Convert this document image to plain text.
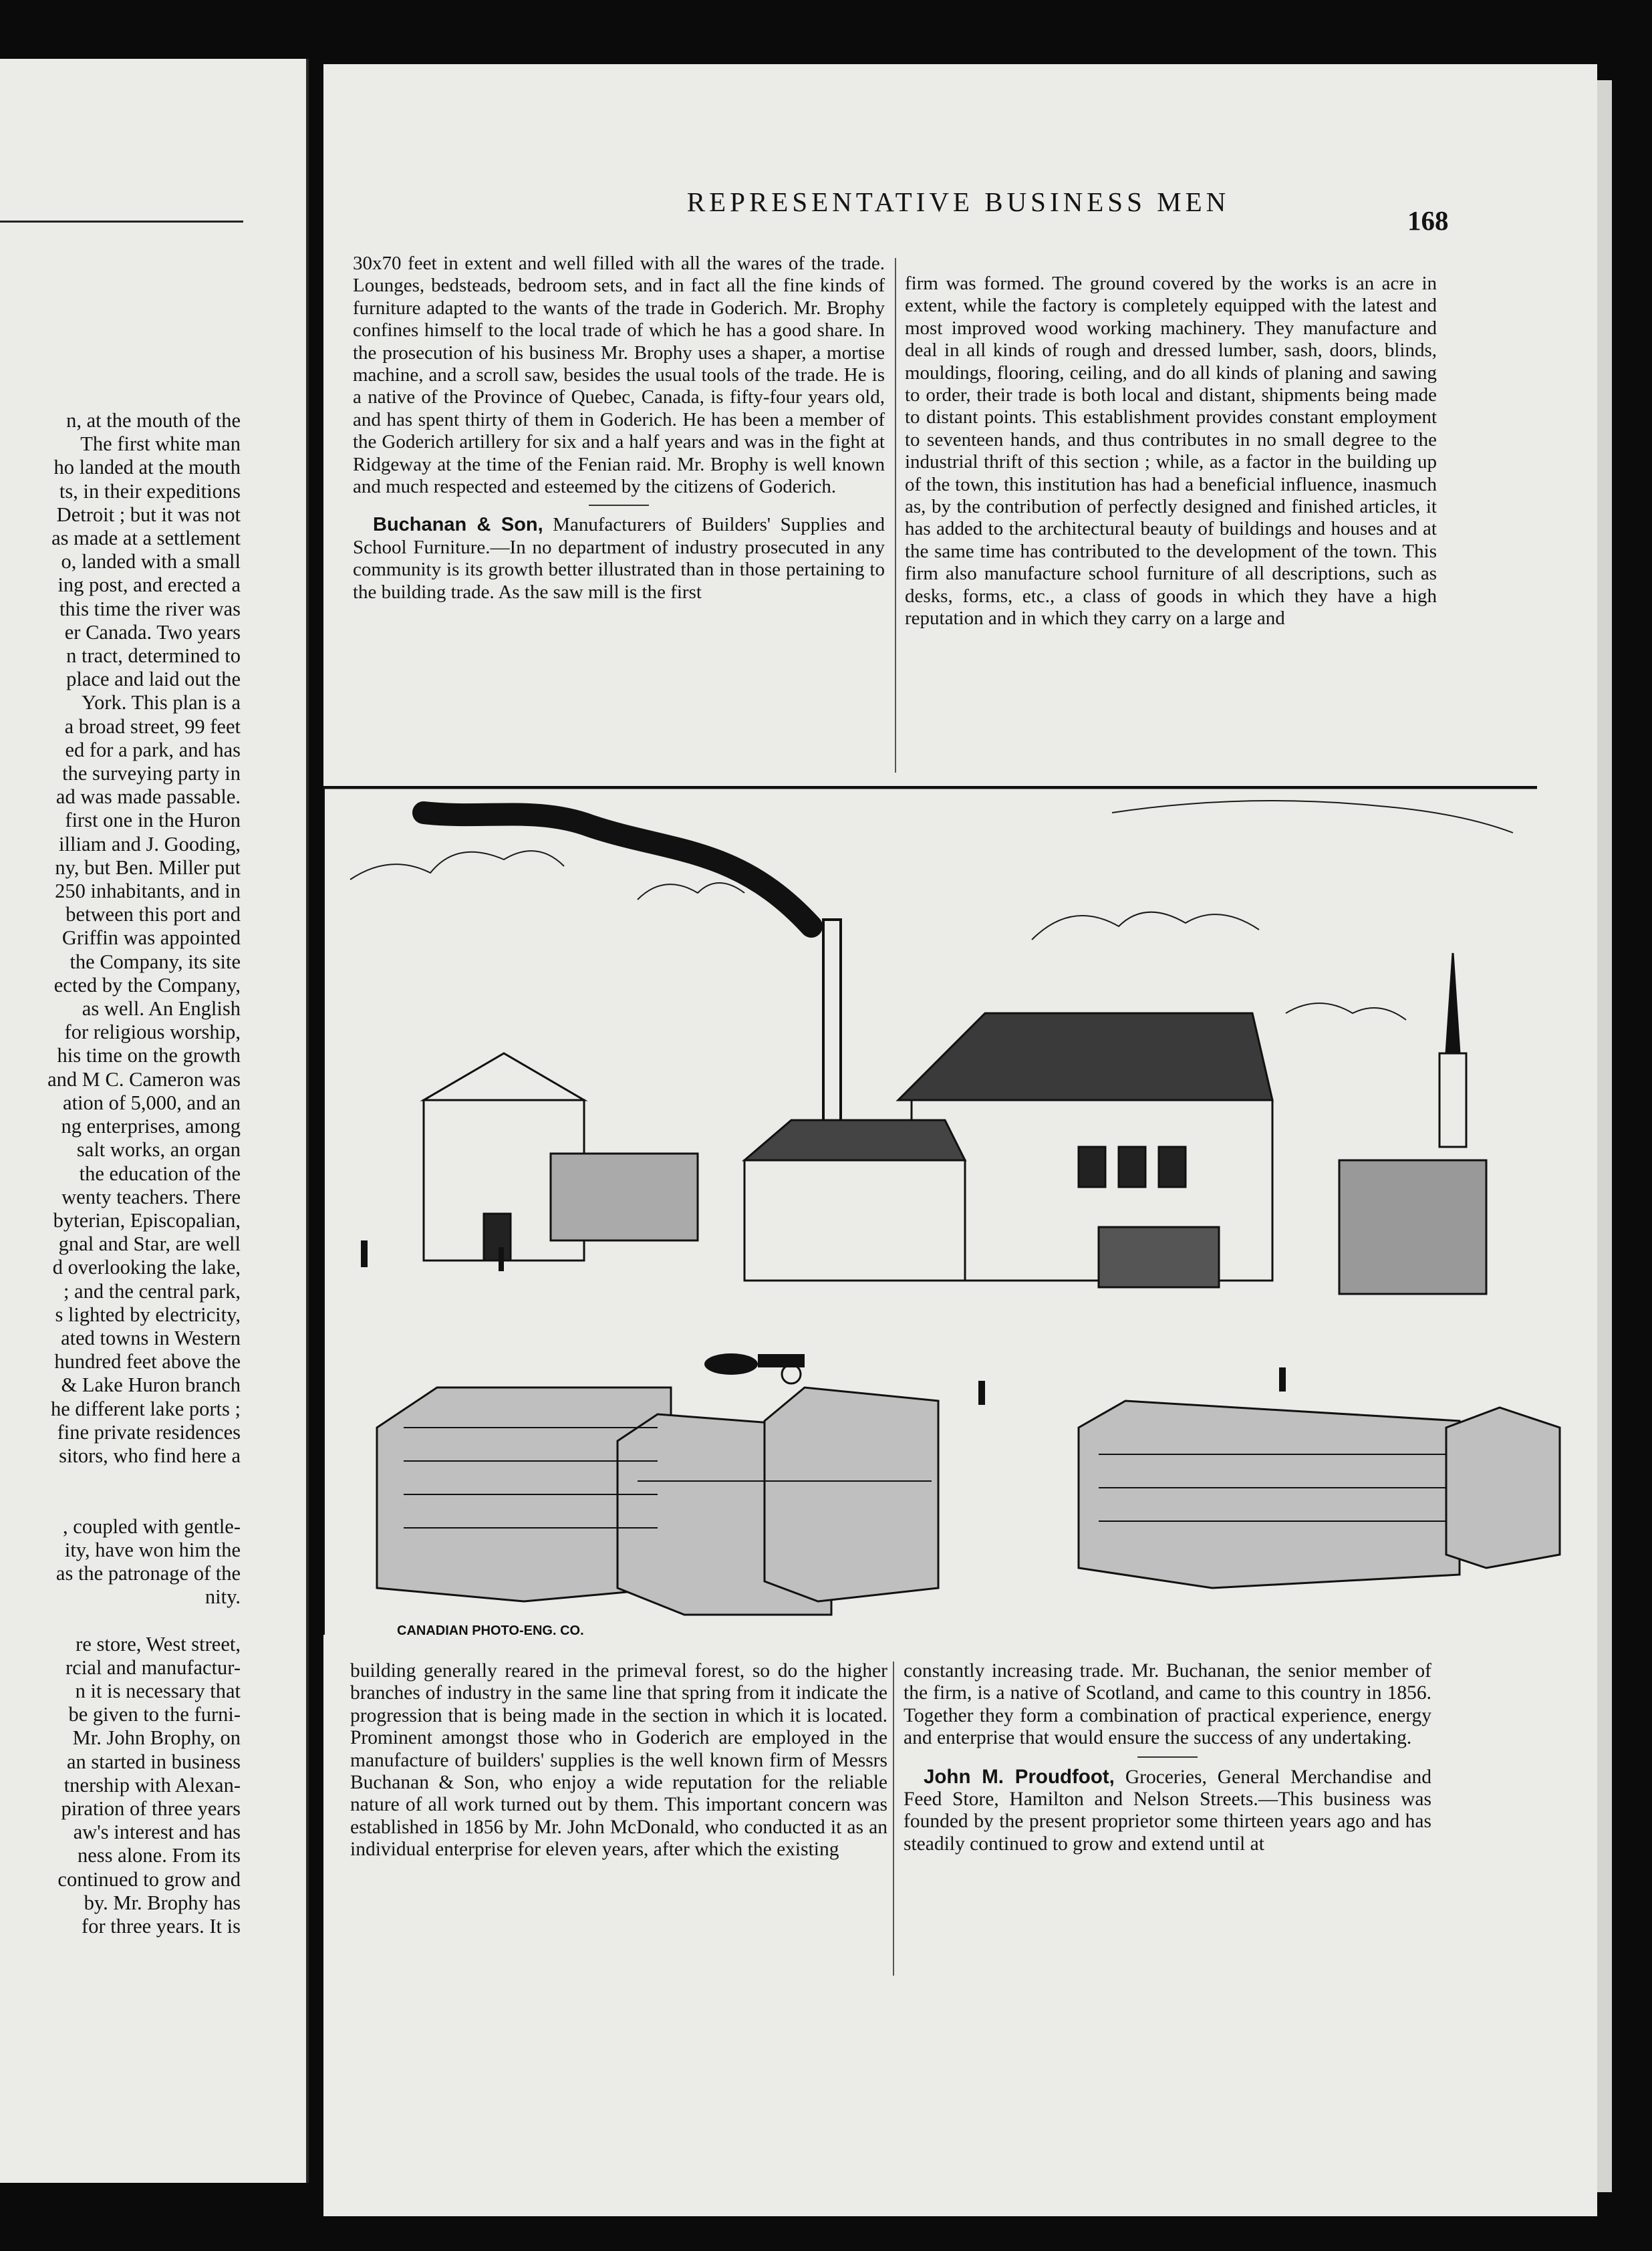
n, at the mouth of the
The first white man
ho landed at the mouth
ts, in their expeditions
Detroit ; but it was not
as made at a settlement
o, landed with a small
ing post, and erected a
this time the river was
er Canada. Two years
n tract, determined to
place and laid out the
York. This plan is a
a broad street, 99 feet
ed for a park, and has
the surveying party in
ad was made passable.
first one in the Huron
illiam and J. Gooding,
ny, but Ben. Miller put
250 inhabitants, and in
between this port and
Griffin was appointed
the Company, its site
ected by the Company,
as well. An English
for religious worship,
his time on the growth
and M C. Cameron was
ation of 5,000, and an
ng enterprises, among
salt works, an organ
the education of the
wenty teachers. There
byterian, Episcopalian,
gnal and Star, are well
d overlooking the lake,
; and the central park,
s lighted by electricity,
ated towns in Western
hundred feet above the
& Lake Huron branch
he different lake ports ;
fine private residences
sitors, who find here a

, coupled with gentle-
ity, have won him the
as the patronage of the
nity.

re store, West street,
rcial and manufactur-
n it is necessary that
be given to the furni-
Mr. John Brophy, on
an started in business
tnership with Alexan-
piration of three years
aw's interest and has
ness alone. From its
continued to grow and
by. Mr. Brophy has
for three years. It is
REPRESENTATIVE BUSINESS MEN
168

30x70 feet in extent and well filled with all the wares of the trade. Lounges, bedsteads, bedroom sets, and in fact all the fine kinds of furniture adapted to the wants of the trade in Goderich. Mr. Brophy confines himself to the local trade of which he has a good share. In the prosecution of his business Mr. Brophy uses a shaper, a mortise machine, and a scroll saw, besides the usual tools of the trade. He is a native of the Province of Quebec, Canada, is fifty-four years old, and has spent thirty of them in Goderich. He has been a member of the Goderich artillery for six and a half years and was in the fight at Ridgeway at the time of the Fenian raid. Mr. Brophy is well known and much respected and esteemed by the citizens of Goderich.

Buchanan & Son, Manufacturers of Builders' Supplies and School Furniture.—In no department of industry prosecuted in any community is its growth better illustrated than in those pertaining to the building trade. As the saw mill is the first

firm was formed. The ground covered by the works is an acre in extent, while the factory is completely equipped with the latest and most improved wood working machinery. They manufacture and deal in all kinds of rough and dressed lumber, sash, doors, blinds, mouldings, flooring, ceiling, and do all kinds of planing and sawing to order, their trade is both local and distant, shipments being made to distant points. This establishment provides constant employment to seventeen hands, and thus contributes in no small degree to the industrial thrift of this section ; while, as a factor in the building up of the town, this institution has had a beneficial influence, inasmuch as, by the contribution of perfectly designed and finished articles, it has added to the architectural beauty of buildings and houses and at the same time has contributed to the development of the town. This firm also manufacture school furniture of all descriptions, such as desks, forms, etc., a class of goods in which they have a high reputation and in which they carry on a large and

CANADIAN PHOTO-ENG. CO.

building generally reared in the primeval forest, so do the higher branches of industry in the same line that spring from it indicate the progression that is being made in the section in which it is located. Prominent amongst those who in Goderich are employed in the manufacture of builders' supplies is the well known firm of Messrs Buchanan & Son, who enjoy a wide reputation for the reliable nature of all work turned out by them. This important concern was established in 1856 by Mr. John McDonald, who conducted it as an individual enterprise for eleven years, after which the existing

constantly increasing trade. Mr. Buchanan, the senior member of the firm, is a native of Scotland, and came to this country in 1856. Together they form a combination of practical experience, energy and enterprise that would ensure the success of any undertaking.

John M. Proudfoot, Groceries, General Merchandise and Feed Store, Hamilton and Nelson Streets.—This business was founded by the present proprietor some thirteen years ago and has steadily continued to grow and extend until at
